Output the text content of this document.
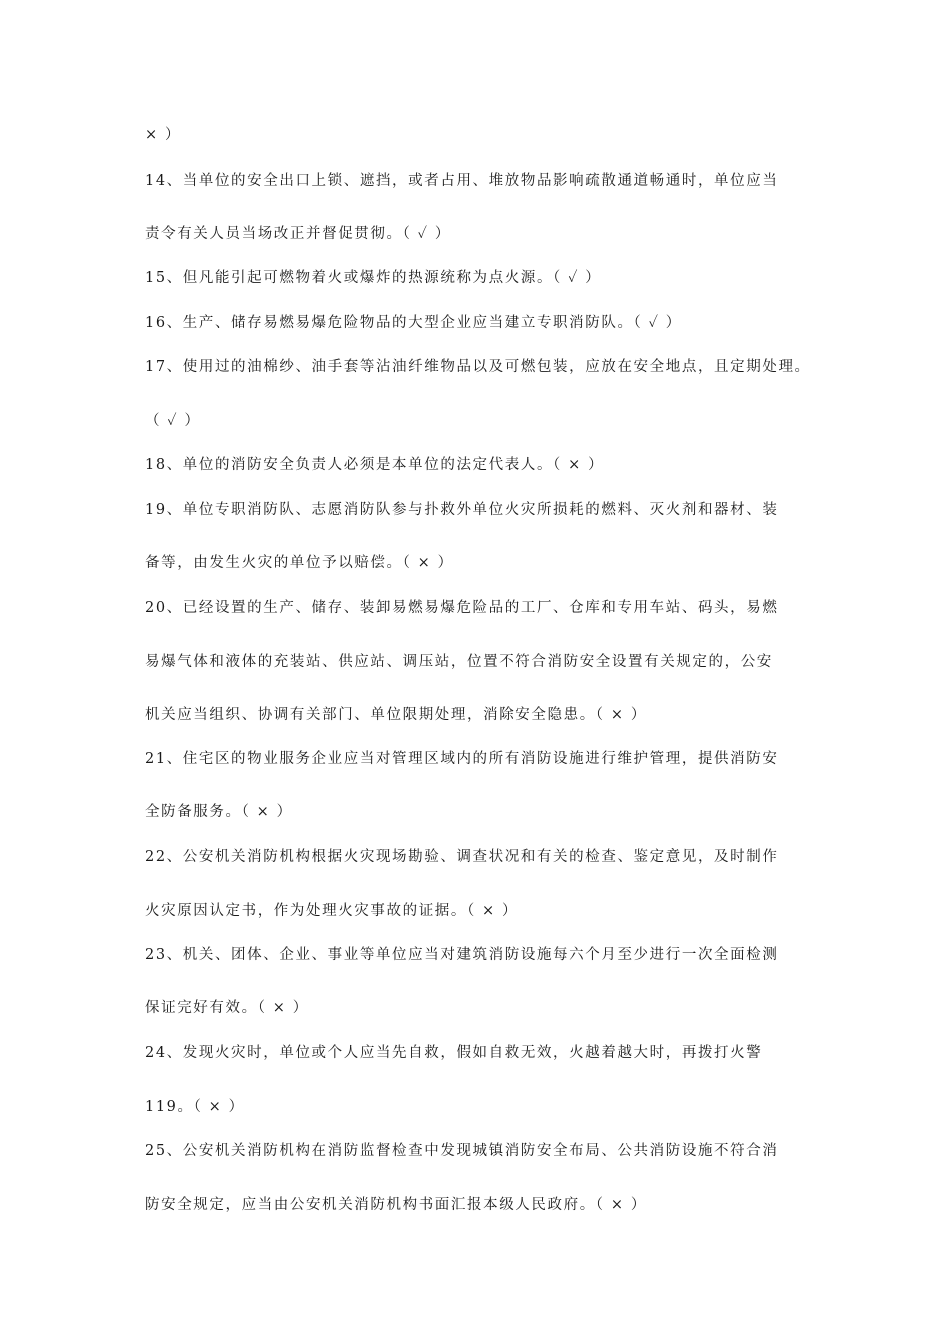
× ）
14、当单位的安全出口上锁、遮挡，或者占用、堆放物品影响疏散通道畅通时，单位应当
责令有关人员当场改正并督促贯彻。（ ✓ ）
15、但凡能引起可燃物着火或爆炸的热源统称为点火源。（ ✓ ）
16、生产、储存易燃易爆危险物品的大型企业应当建立专职消防队。（ ✓ ）
17、使用过的油棉纱、油手套等沾油纤维物品以及可燃包装，应放在安全地点，且定期处理。
（ ✓ ）
18、单位的消防安全负责人必须是本单位的法定代表人。（ × ）
19、单位专职消防队、志愿消防队参与扑救外单位火灾所损耗的燃料、灭火剂和器材、装
备等，由发生火灾的单位予以赔偿。（ × ）
20、已经设置的生产、储存、装卸易燃易爆危险品的工厂、仓库和专用车站、码头，易燃
易爆气体和液体的充装站、供应站、调压站，位置不符合消防安全设置有关规定的，公安
机关应当组织、协调有关部门、单位限期处理，消除安全隐患。（ × ）
21、住宅区的物业服务企业应当对管理区域内的所有消防设施进行维护管理，提供消防安
全防备服务。（ × ）
22、公安机关消防机构根据火灾现场勘验、调查状况和有关的检查、鉴定意见，及时制作
火灾原因认定书，作为处理火灾事故的证据。（ × ）
23、机关、团体、企业、事业等单位应当对建筑消防设施每六个月至少进行一次全面检测
保证完好有效。（ × ）
24、发现火灾时，单位或个人应当先自救，假如自救无效，火越着越大时，再拨打火警
119。（ × ）
25、公安机关消防机构在消防监督检查中发现城镇消防安全布局、公共消防设施不符合消
防安全规定，应当由公安机关消防机构书面汇报本级人民政府。（ × ）
